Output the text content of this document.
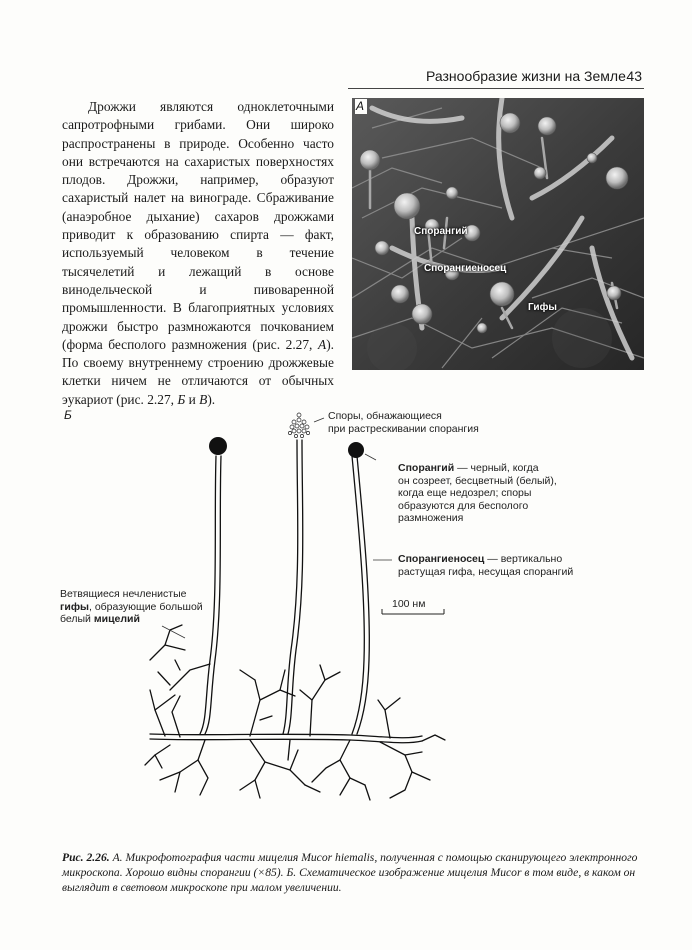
Разнообразие жизни на Земле 43
Дрожжи являются одноклеточными сапротрофными грибами. Они широко распространены в природе. Особенно часто они встречаются на сахаристых поверхностях плодов. Дрожжи, например, образуют сахаристый налет на винограде. Сбраживание (анаэробное дыхание) сахаров дрожжами приводит к образованию спирта — факт, используемый человеком в течение тысячелетий и лежащий в основе винодельческой и пивоваренной промышленности. В благоприятных условиях дрожжи быстро размножаются почкованием (форма бесполого размножения (рис. 2.27, А). По своему внутреннему строению дрожжевые клетки ничем не отличаются от обычных эукариот (рис. 2.27, Б и В).
А
Спорангий
Спорангиеносец
Гифы
Б	Споры, обнажающиеся
при растрескивании спорангия
Спорангий — черный, когда
он созреет, бесцветный (белый),
когда еще недозрел; споры
образуются для бесполого
размножения
Спорангиеносец — вертикально
растущая гифа, несущая спорангий
100 нм
Ветвящиеся нечленистые
гифы, образующие большой
белый мицелий
Рис. 2.26. А. Микрофотография части мицелия Mucor hiemalis, полученная с помощью сканирующего электронного микроскопа. Хорошо видны спорангии (×85). Б. Схематическое изображение мицелия Mucor в том виде, в каком он выглядит в световом микроскопе при малом увеличении.
